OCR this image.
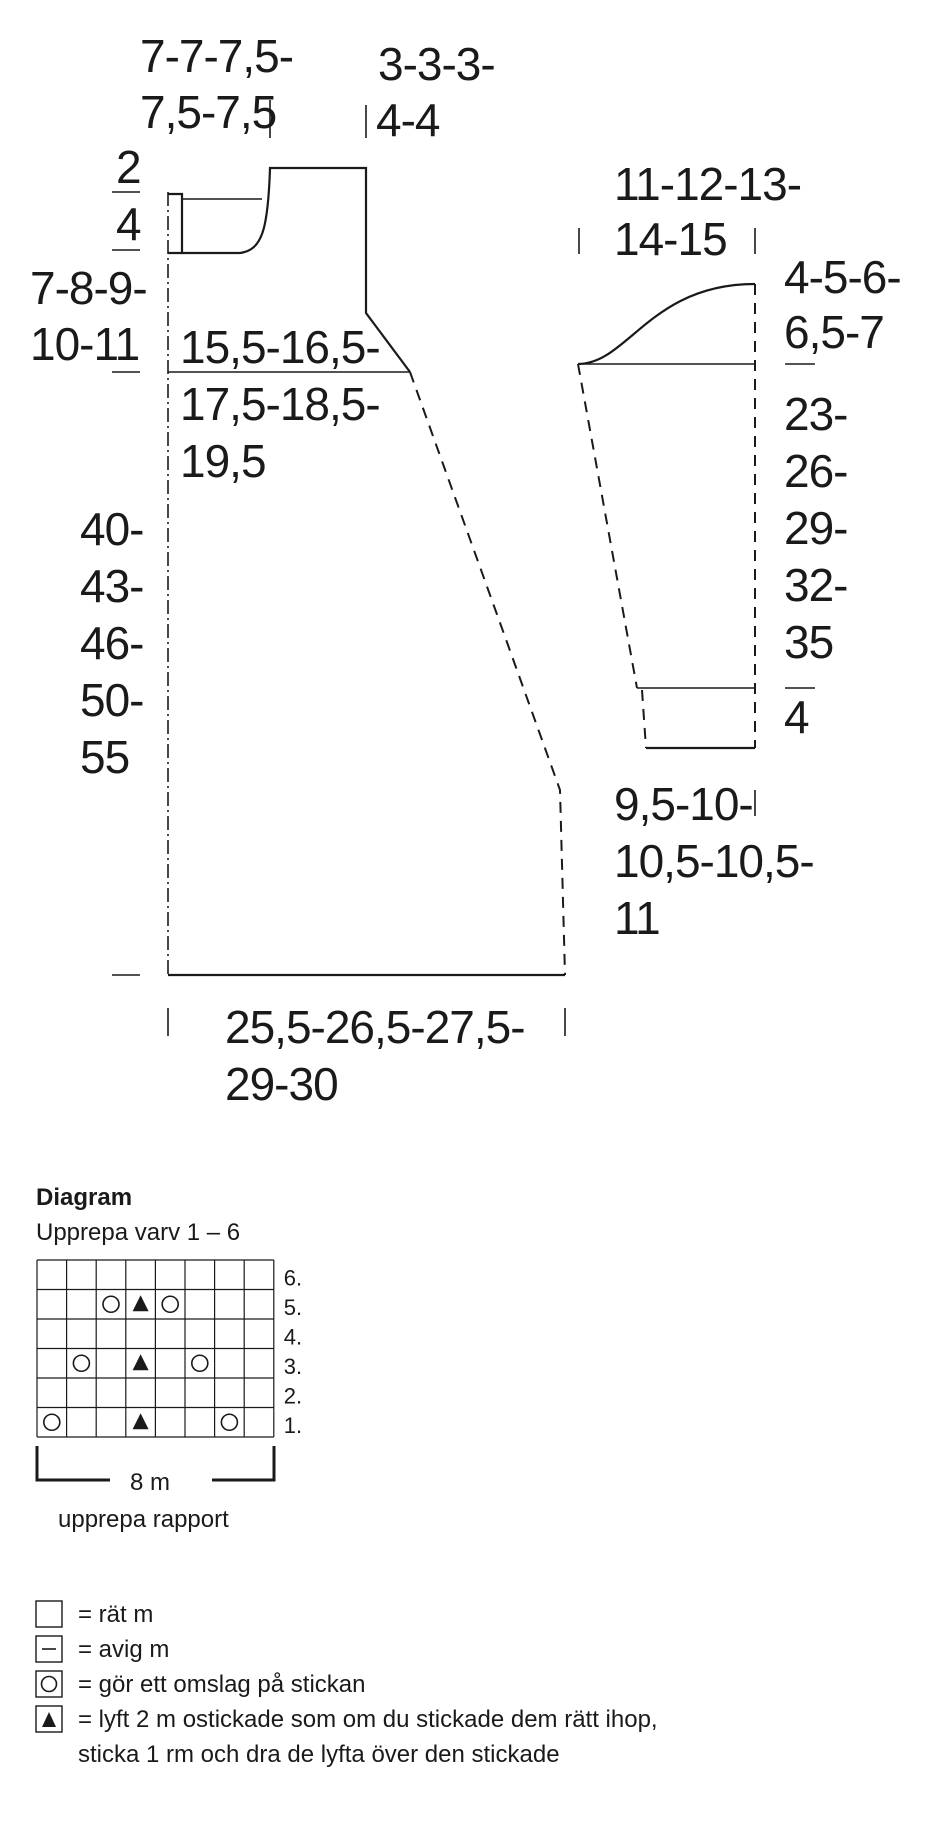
7-7-7,5-
7,5-7,5
3-3-3-
4-4
2
4
7-8-9-
10-11 15,5-16,5-
17,5-18,5-
19,5
40-
43-
46-
50-
55
25,5-26,5-27,5-
29-30
11-12-13-
14-15
4-5-6-
6,5-7
23-
26-
29-
32-
35
4
9,5-10-
10,5-10,5-
11
Diagram
Upprepa varv 1 – 6
6.
5.
4.
3.
2.
1.
8 m
upprepa rapport
= rät m
= avig m
= gör ett omslag på stickan
= lyft 2 m ostickade som om du stickade dem rätt ihop,
sticka 1 rm och dra de lyfta över den stickade
